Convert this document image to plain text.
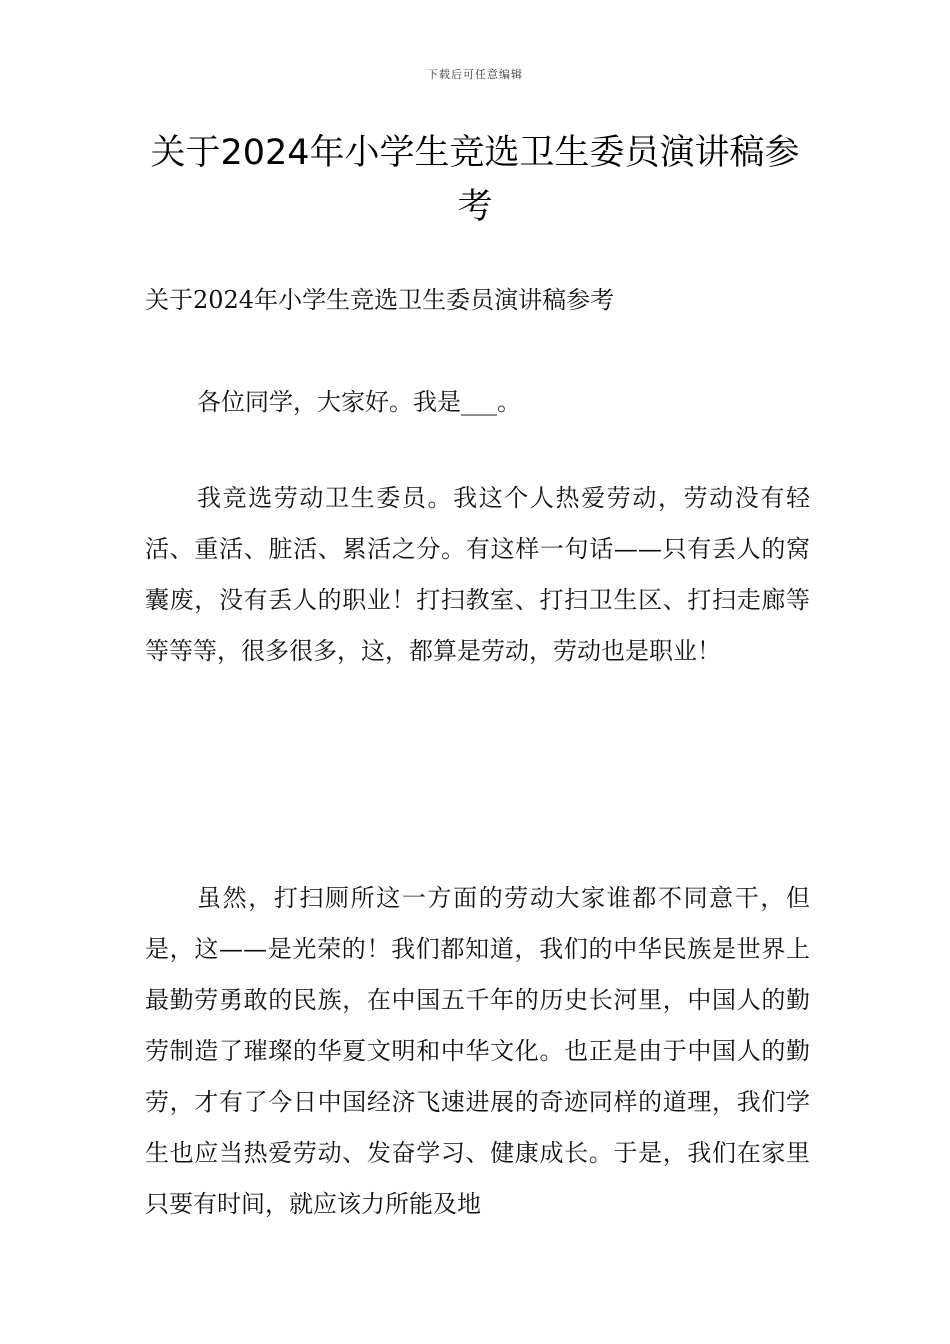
下载后可任意编辑
关于2024年小学生竞选卫生委员演讲稿参考

关于2024年小学生竞选卫生委员演讲稿参考

各位同学，大家好。我是___。

我竞选劳动卫生委员。我这个人热爱劳动，劳动没有轻活、重活、脏活、累活之分。有这样一句话——只有丢人的窝囊废，没有丢人的职业！打扫教室、打扫卫生区、打扫走廊等等等等，很多很多，这，都算是劳动，劳动也是职业！

虽然，打扫厕所这一方面的劳动大家谁都不同意干，但是，这——是光荣的！我们都知道，我们的中华民族是世界上最勤劳勇敢的民族，在中国五千年的历史长河里，中国人的勤劳制造了璀璨的华夏文明和中华文化。也正是由于中国人的勤劳，才有了今日中国经济飞速进展的奇迹同样的道理，我们学生也应当热爱劳动、发奋学习、健康成长。于是，我们在家里只要有时间，就应该力所能及地
